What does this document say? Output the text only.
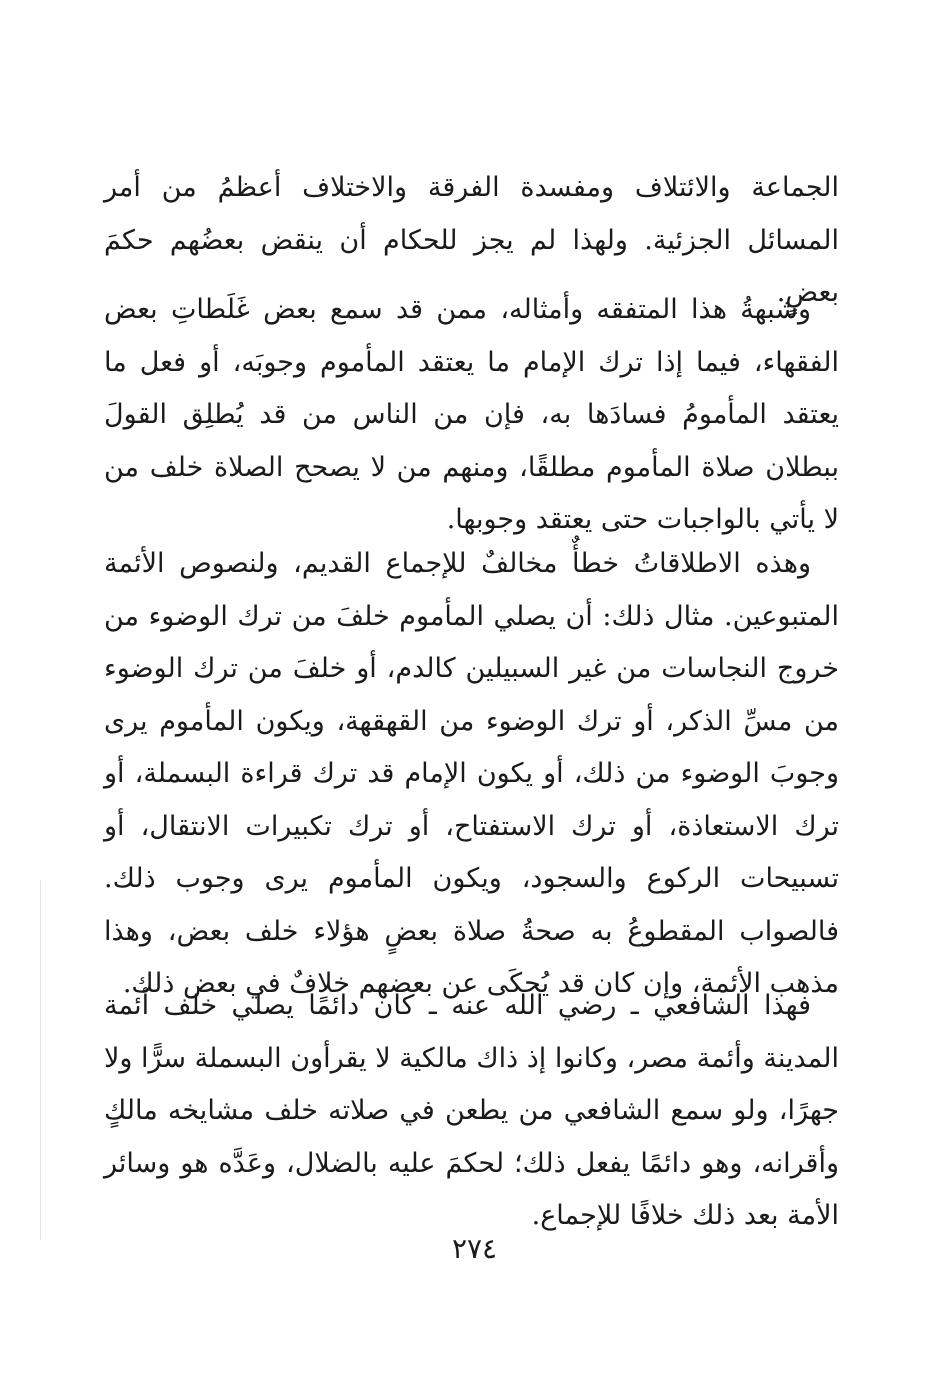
الجماعة والائتلاف ومفسدة الفرقة والاختلاف أعظمُ من أمر المسائل الجزئية. ولهذا لم يجز للحكام أن ينقض بعضُهم حكمَ بعضٍ.

وشبهةُ هذا المتفقه وأمثاله، ممن قد سمع بعض غَلَطاتِ بعض الفقهاء، فيما إذا ترك الإمام ما يعتقد المأموم وجوبَه، أو فعل ما يعتقد المأمومُ فسادَها به، فإن من الناس من قد يُطلِق القولَ ببطلان صلاة المأموم مطلقًا، ومنهم من لا يصحح الصلاة خلف من لا يأتي بالواجبات حتى يعتقد وجوبها.

وهذه الاطلاقاتُ خطأٌ مخالفٌ للإجماع القديم، ولنصوص الأئمة المتبوعين. مثال ذلك: أن يصلي المأموم خلفَ من ترك الوضوء من خروج النجاسات من غير السبيلين كالدم، أو خلفَ من ترك الوضوء من مسِّ الذكر، أو ترك الوضوء من القهقهة، ويكون المأموم يرى وجوبَ الوضوء من ذلك، أو يكون الإمام قد ترك قراءة البسملة، أو ترك الاستعاذة، أو ترك الاستفتاح، أو ترك تكبيرات الانتقال، أو تسبيحات الركوع والسجود، ويكون المأموم يرى وجوب ذلك. فالصواب المقطوعُ به صحةُ صلاة بعضٍ هؤلاء خلف بعض، وهذا مذهب الأئمة، وإن كان قد يُحكَى عن بعضهم خلافٌ في بعض ذلك.

فهذا الشافعي ـ رضي الله عنه ـ كان دائمًا يصلي خلف أئمة المدينة وأئمة مصر، وكانوا إذ ذاك مالكية لا يقرأون البسملة سرًّا ولا جهرًا، ولو سمع الشافعي من يطعن في صلاته خلف مشايخه مالكٍ وأقرانه، وهو دائمًا يفعل ذلك؛ لحكمَ عليه بالضلال، وعَدَّه هو وسائر الأمة بعد ذلك خلافًا للإجماع.

٢٧٤
